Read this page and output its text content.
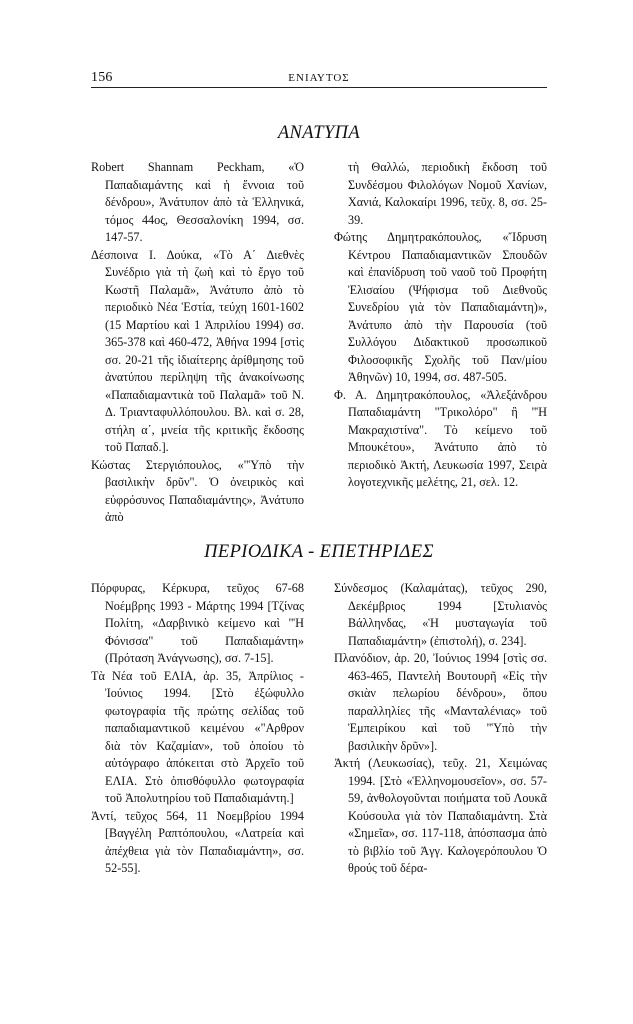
156	ΕΝΙΑΥΤΟΣ
ΑΝΑΤΥΠΑ

Robert Shannam Peckham, «Ὁ Παπαδιαμάντης καὶ ἡ ἔννοια τοῦ δένδρου», Ἀνάτυπον ἀπὸ τὰ Ἑλληνικά, τόμος 44ος, Θεσσαλονίκη 1994, σσ. 147-57.

Δέσποινα Ι. Δούκα, «Τὸ Α΄ Διεθνὲς Συνέδριο γιὰ τὴ ζωὴ καὶ τὸ ἔργο τοῦ Κωστῆ Παλαμᾶ», Ἀνάτυπο ἀπὸ τὸ περιοδικὸ Νέα Ἑστία, τεύχη 1601-1602 (15 Μαρτίου καὶ 1 Ἀπριλίου 1994) σσ. 365-378 καὶ 460-472, Ἀθήνα 1994 [στὶς σσ. 20-21 τῆς ἰδιαίτερης ἀρίθμησης τοῦ ἀνατύπου περίληψη τῆς ἀνακοίνωσης «Παπαδιαμαντικὰ τοῦ Παλαμᾶ» τοῦ Ν. Δ. Τριανταφυλλόπουλου. Βλ. καὶ σ. 28, στήλη α΄, μνεία τῆς κριτικῆς ἔκδοσης τοῦ Παπαδ.].

Κώστας Στεργιόπουλος, «"Ὑπὸ τὴν βασιλικὴν δρῦν". Ὁ ὀνειρικὸς καὶ εὐφρόσυνος Παπαδιαμάντης», Ἀνάτυπο ἀπὸ

τὴ Θαλλώ, περιοδικὴ ἔκδοση τοῦ Συνδέσμου Φιλολόγων Νομοῦ Χανίων, Χανιά, Καλοκαίρι 1996, τεῦχ. 8, σσ. 25-39.

Φώτης Δημητρακόπουλος, «Ἴδρυση Κέντρου Παπαδιαμαντικῶν Σπουδῶν καὶ ἐπανίδρυση τοῦ ναοῦ τοῦ Προφήτη Ἐλισαίου (Ψήφισμα τοῦ Διεθνοῦς Συνεδρίου γιὰ τὸν Παπαδιαμάντη)», Ἀνάτυπο ἀπὸ τὴν Παρουσία (τοῦ Συλλόγου Διδακτικοῦ προσωπικοῦ Φιλοσοφικῆς Σχολῆς τοῦ Παν/μίου Ἀθηνῶν) 10, 1994, σσ. 487-505.

Φ. Α. Δημητρακόπουλος, «Ἀλεξάνδρου Παπαδιαμάντη "Τρικολόρο" ἢ "Ἡ Μακραχιστίνα". Τὸ κείμενο τοῦ Μπουκέτου», Ἀνάτυπο ἀπὸ τὸ περιοδικὸ Ἀκτή, Λευκωσία 1997, Σειρὰ λογοτεχνικῆς μελέτης, 21, σελ. 12.

ΠΕΡΙΟΔΙΚΑ - ΕΠΕΤΗΡΙΔΕΣ

Πόρφυρας, Κέρκυρα, τεῦχος 67-68 Νοέμβρης 1993 - Μάρτης 1994 [Τζίνας Πολίτη, «Δαρβινικὸ κείμενο καὶ "Ἡ Φόνισσα" τοῦ Παπαδιαμάντη» (Πρόταση Ἀνάγνωσης), σσ. 7-15].

Τὰ Νέα τοῦ ΕΛΙΑ, ἀρ. 35, Ἀπρίλιος - Ἰούνιος 1994. [Στὸ ἐξώφυλλο φωτογραφία τῆς πρώτης σελίδας τοῦ παπαδιαμαντικοῦ κειμένου «"Αρθρον διὰ τὸν Καζαμίαν», τοῦ ὁποίου τὸ αὐτόγραφο ἀπόκειται στὸ Ἀρχεῖο τοῦ ΕΛΙΑ. Στὸ ὀπισθόφυλλο φωτογραφία τοῦ Ἀπολυτηρίου τοῦ Παπαδιαμάντη.]

Ἀντί, τεῦχος 564, 11 Νοεμβρίου 1994 [Βαγγέλη Ραπτόπουλου, «Λατρεία καὶ ἀπέχθεια γιὰ τὸν Παπαδιαμάντη», σσ. 52-55].

Σύνδεσμος (Καλαμάτας), τεῦχος 290, Δεκέμβριος 1994 [Στυλιανὸς Βάλληνδας, «Ἡ μυσταγωγία τοῦ Παπαδιαμάντη» (ἐπιστολή), σ. 234].

Πλανόδιον, ἀρ. 20, Ἰούνιος 1994 [στὶς σσ. 463-465, Παντελὴ Βουτουρῆ «Εἰς τὴν σκιὰν πελωρίου δένδρου», ὅπου παραλληλίες τῆς «Μανταλένιας» τοῦ Ἐμπειρίκου καὶ τοῦ "Ὑπὸ τὴν βασιλικὴν δρῦν»].

Ἀκτή (Λευκωσίας), τεῦχ. 21, Χειμώνας 1994. [Στὸ «Ἑλληνομουσεῖον», σσ. 57-59, ἀνθολογοῦνται ποιήματα τοῦ Λουκᾶ Κούσουλα γιὰ τὸν Παπαδιαμάντη. Στὰ «Σημεῖα», σσ. 117-118, ἀπόσπασμα ἀπὸ τὸ βιβλίο τοῦ Ἀγγ. Καλογερόπουλου Ὁ θρούς τοῦ δέρα-
